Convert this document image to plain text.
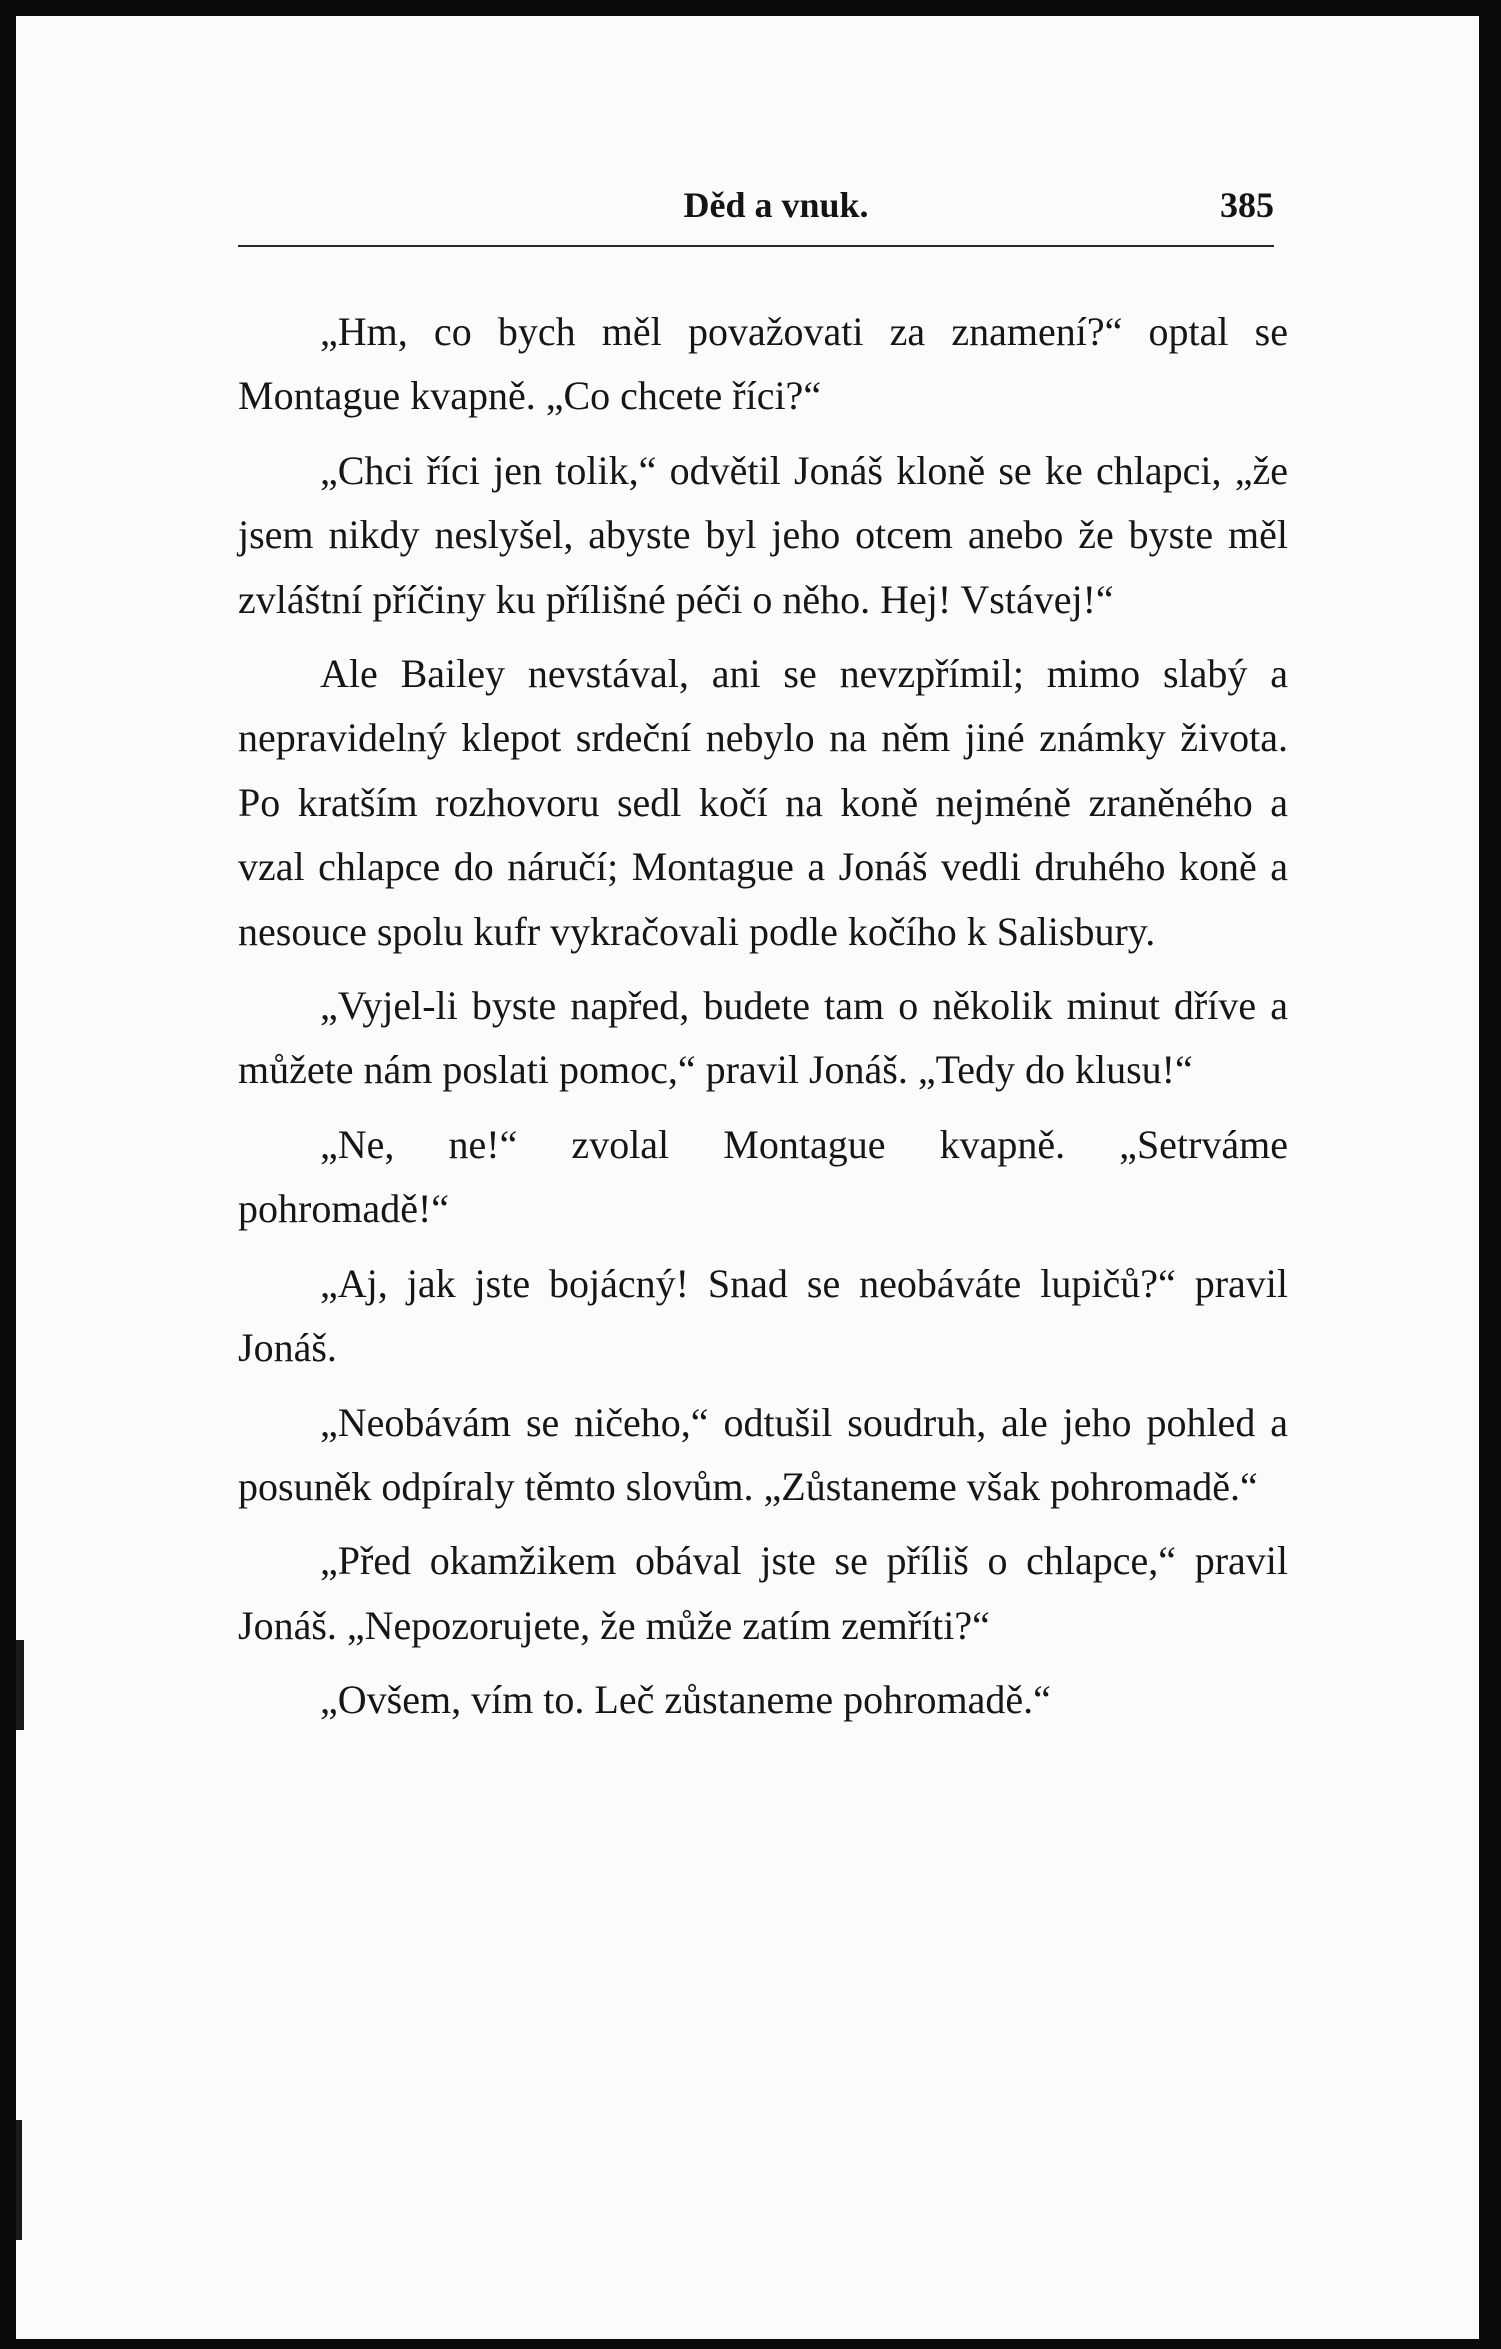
Děd a vnuk.	385

„Hm, co bych měl považovati za znamení?“ optal se Montague kvapně. „Co chcete říci?“

„Chci říci jen tolik,“ odvětil Jonáš kloně se ke chlapci, „že jsem nikdy neslyšel, abyste byl jeho otcem anebo že byste měl zvláštní příčiny ku přílišné péči o něho. Hej! Vstávej!“

Ale Bailey nevstával, ani se nevzpřímil; mimo slabý a nepravidelný klepot srdeční nebylo na něm jiné známky života. Po kratším rozhovoru sedl kočí na koně nejméně zraněného a vzal chlapce do náručí; Montague a Jonáš vedli druhého koně a nesouce spolu kufr vykračovali podle kočího k Salisbury.

„Vyjel-li byste napřed, budete tam o několik minut dříve a můžete nám poslati pomoc,“ pravil Jonáš. „Tedy do klusu!“

„Ne, ne!“ zvolal Montague kvapně. „Setrváme pohromadě!“

„Aj, jak jste bojácný! Snad se neobáváte lupičů?“ pravil Jonáš.

„Neobávám se ničeho,“ odtušil soudruh, ale jeho pohled a posuněk odpíraly těmto slovům. „Zůstaneme však pohromadě.“

„Před okamžikem obával jste se příliš o chlapce,“ pravil Jonáš. „Nepozorujete, že může zatím zemříti?“

„Ovšem, vím to. Leč zůstaneme pohromadě.“
